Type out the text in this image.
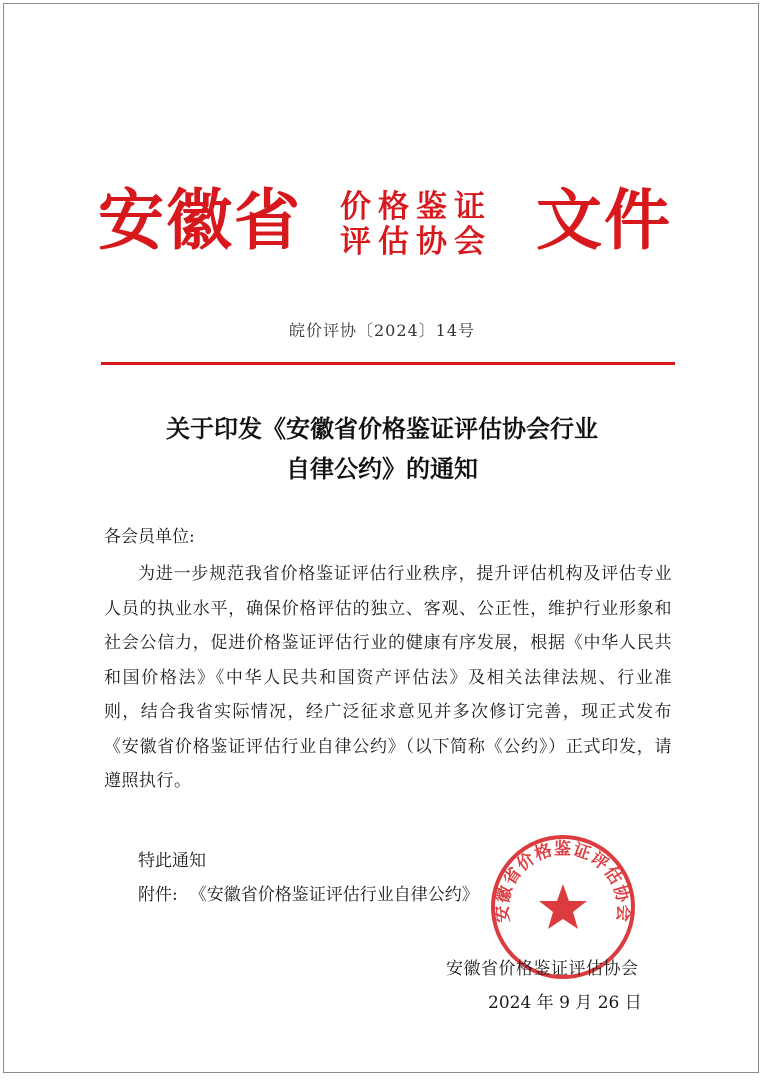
安徽省 价格鉴证
评估协会 文件
皖价评协〔2024〕14号
关于印发《安徽省价格鉴证评估协会行业
自律公约》的通知
各会员单位:
为进一步规范我省价格鉴证评估行业秩序，提升评估机构及评估专业人员的执业水平，确保价格评估的独立、客观、公正性，维护行业形象和社会公信力，促进价格鉴证评估行业的健康有序发展，根据《中华人民共和国价格法》《中华人民共和国资产评估法》及相关法律法规、行业准则，结合我省实际情况，经广泛征求意见并多次修订完善，现正式发布《安徽省价格鉴证评估行业自律公约》（以下简称《公约》）正式印发，请遵照执行。
特此通知
附件: 《安徽省价格鉴证评估行业自律公约》
安徽省价格鉴证评估协会
安徽省价格鉴证评估协会
2024 年 9 月 26 日
